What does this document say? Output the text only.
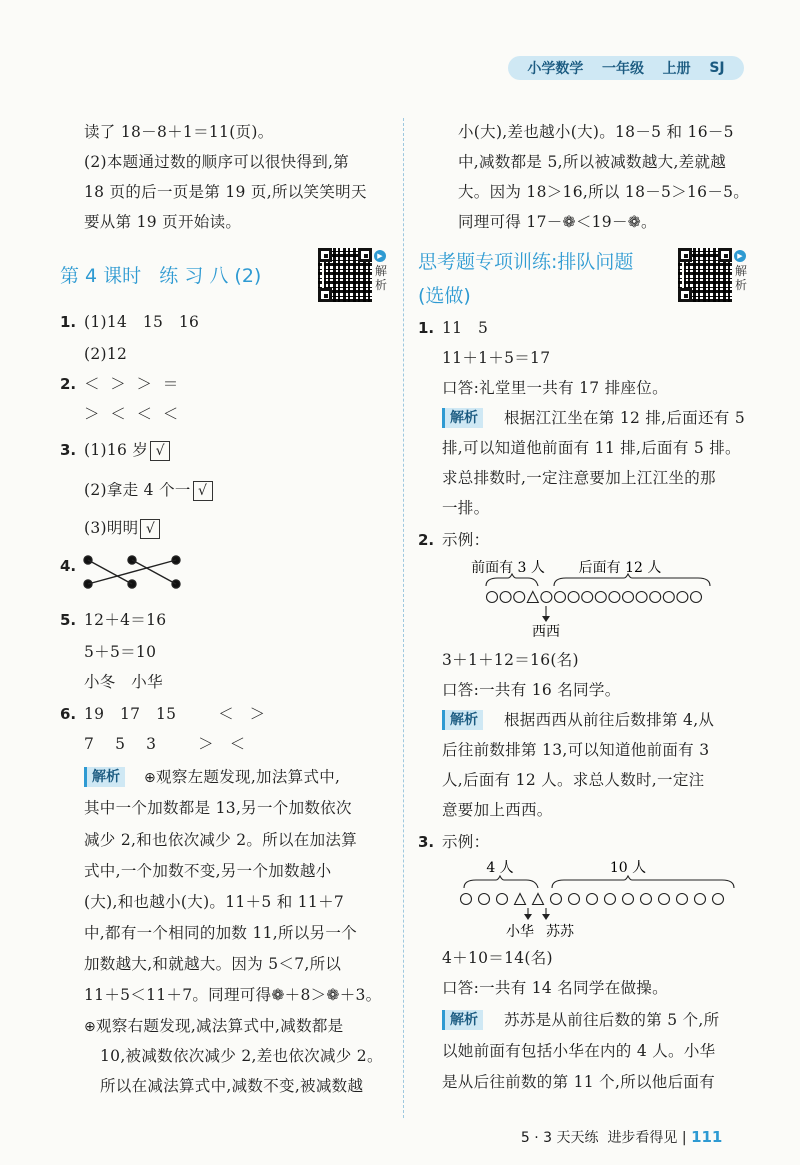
小学数学 一年级 上册 SJ
读了 18－8＋1＝11(页)。
(2)本题通过数的顺序可以很快得到,第
18 页的后一页是第 19 页,所以笑笑明天
要从第 19 页开始读。
第 4 课时   练 习 八 (2)
▶
解析
1. (1)14   15   16
(2)12
2. ＜  ＞  ＞  ＝
＞  ＜  ＜  ＜
3. (1)16 岁 √
(2)拿走 4 个一 √
(3)明明 √
4.
5. 12＋4＝16
5＋5＝10
小冬   小华
6. 19   17   15        ＜   ＞
7    5    3        ＞   ＜
解析	⊕观察左题发现,加法算式中,
其中一个加数都是 13,另一个加数依次
减少 2,和也依次减少 2。所以在加法算
式中,一个加数不变,另一个加数越小
(大),和也越小(大)。11＋5 和 11＋7
中,都有一个相同的加数 11,所以另一个
加数越大,和就越大。因为 5＜7,所以
11＋5＜11＋7。同理可得❁＋8＞❁＋3。
⊕观察右题发现,减法算式中,减数都是
10,被减数依次减少 2,差也依次减少 2。
所以在减法算式中,减数不变,被减数越
小(大),差也越小(大)。18－5 和 16－5
中,减数都是 5,所以被减数越大,差就越
大。因为 18＞16,所以 18－5＞16－5。
同理可得 17－❁＜19－❁。
思考题专项训练:排队问题
(选做)
▶
解析
1. 11   5
11＋1＋5＝17
口答:礼堂里一共有 17 排座位。
解析	根据江江坐在第 12 排,后面还有 5
排,可以知道他前面有 11 排,后面有 5 排。
求总排数时,一定注意要加上江江坐的那
一排。
2. 示例：
前面有 3 人 后面有 12 人
西西
3＋1＋12＝16(名)
口答:一共有 16 名同学。
解析	根据西西从前往后数排第 4,从
后往前数排第 13,可以知道他前面有 3
人,后面有 12 人。求总人数时,一定注
意要加上西西。
3. 示例：
4 人	10 人
小华 苏苏
4＋10＝14(名)
口答:一共有 14 名同学在做操。
解析	苏苏是从前往后数的第 5 个,所
以她前面有包括小华在内的 4 人。小华
是从后往前数的第 11 个,所以他后面有

5 · 3 天天练 进步看得见 | 111
